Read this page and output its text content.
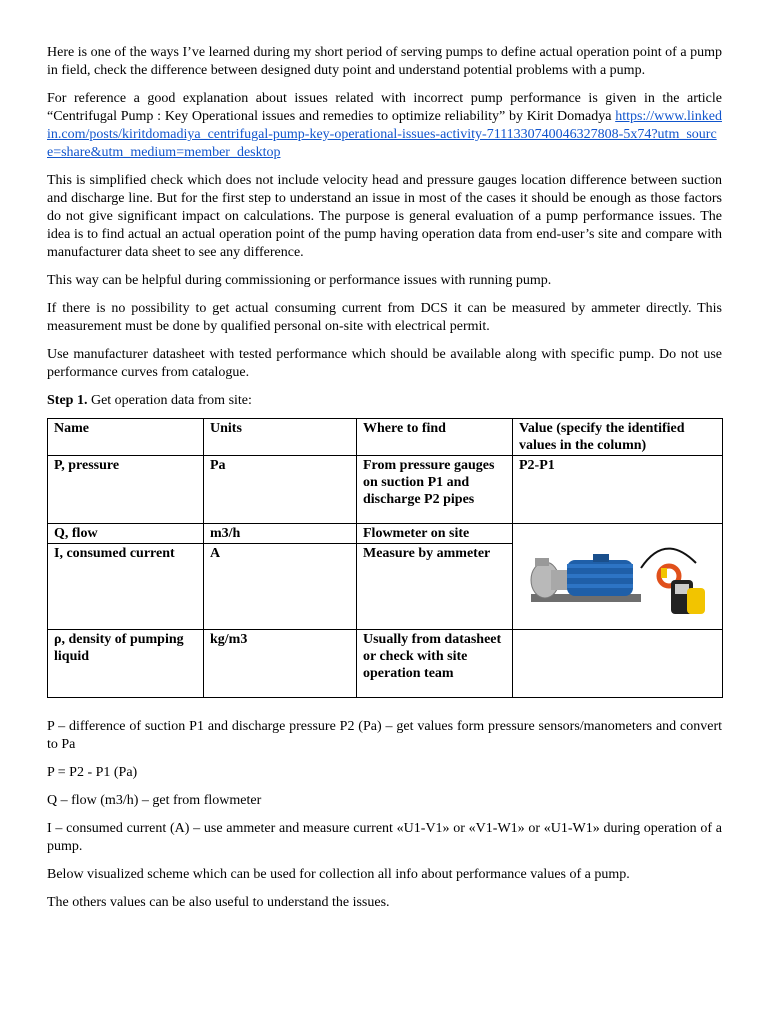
Here is one of the ways I’ve learned during my short period of serving pumps to define actual operation point of a pump in field, check the difference between designed duty point and understand potential problems with a pump.

For reference a good explanation about issues related with incorrect pump performance is given in the article “Centrifugal Pump : Key Operational issues and remedies to optimize reliability” by Kirit Domadya https://www.linkedin.com/posts/kiritdomadiya_centrifugal-pump-key-operational-issues-activity-7111330740046327808-5x74?utm_source=share&utm_medium=member_desktop

This is simplified check which does not include velocity head and pressure gauges location difference between suction and discharge line. But for the first step to understand an issue in most of the cases it should be enough as those factors do not give significant impact on calculations. The purpose is general evaluation of a pump performance issues. The idea is to find actual an actual operation point of the pump having operation data from end-user’s site and compare with manufacturer data sheet to see any difference.

This way can be helpful during commissioning or performance issues with running pump.

If there is no possibility to get actual consuming current from DCS it can be measured by ammeter directly. This measurement must be done by qualified personal on-site with electrical permit.

Use manufacturer datasheet with tested performance which should be available along with specific pump. Do not use performance curves from catalogue.

Step 1. Get operation data from site:

Name	Units	Where to find	Value (specify the identified values in the column)
P, pressure	Pa	From pressure gauges on suction P1 and discharge P2 pipes	P2-P1
Q, flow	m3/h	Flowmeter on site	

I, consumed current	A	Measure by ammeter	
ρ, density of pumping liquid	kg/m3	Usually from datasheet or check with site operation team	

P – difference of suction P1 and discharge pressure P2 (Pa) – get values form pressure sensors/manometers and convert to Pa

P = P2 - P1 (Pa)

Q – flow (m3/h) – get from flowmeter

I – consumed current (A) – use ammeter and measure current «U1-V1» or «V1-W1» or «U1-W1» during operation of a pump.

Below visualized scheme which can be used for collection all info about performance values of a pump.

The others values can be also useful to understand the issues.
